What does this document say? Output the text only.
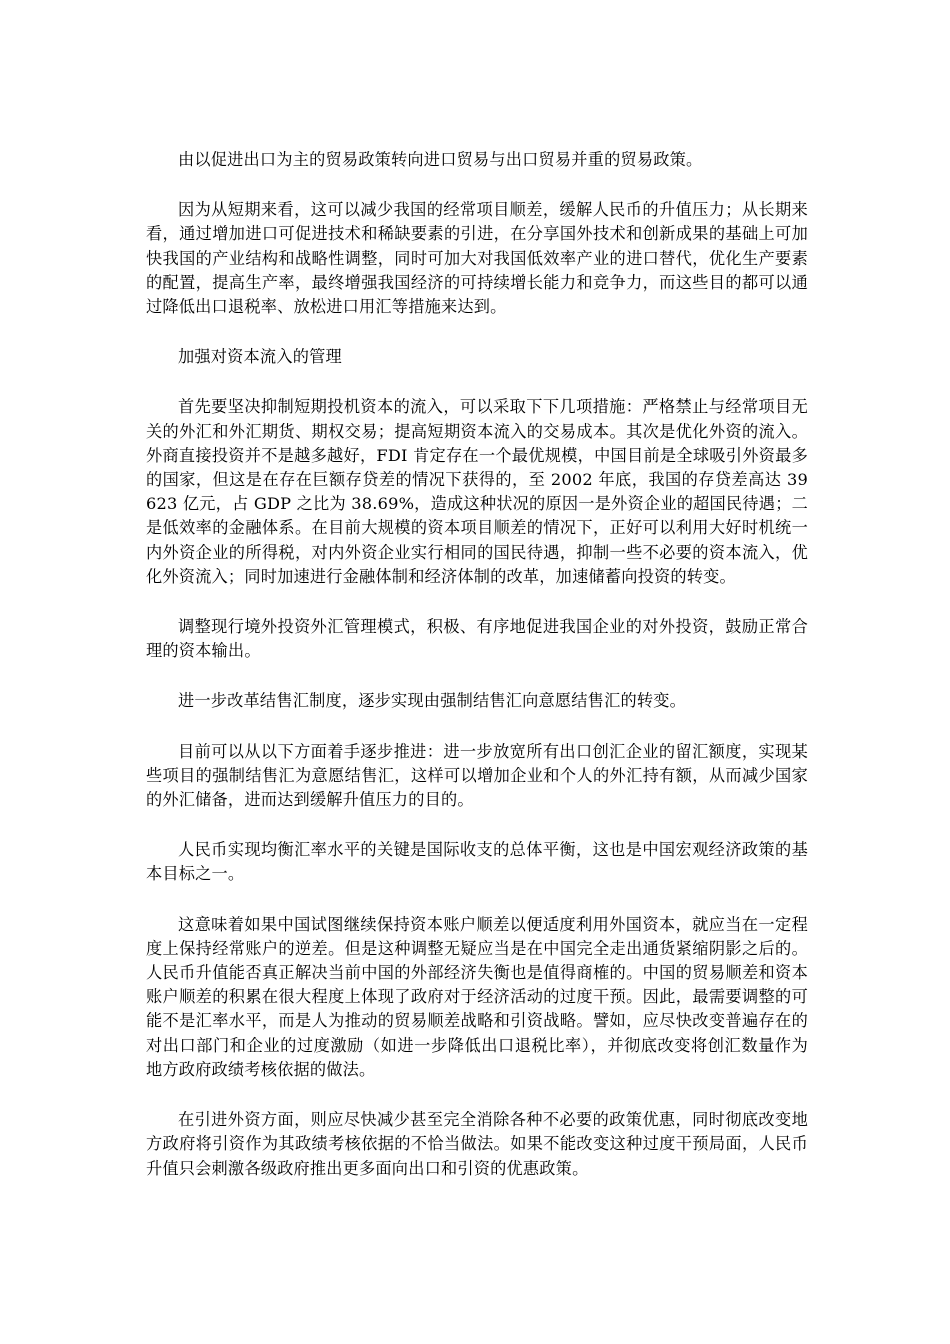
由以促进出口为主的贸易政策转向进口贸易与出口贸易并重的贸易政策。

因为从短期来看，这可以减少我国的经常项目顺差，缓解人民币的升值压力；从长期来看，通过增加进口可促进技术和稀缺要素的引进，在分享国外技术和创新成果的基础上可加快我国的产业结构和战略性调整，同时可加大对我国低效率产业的进口替代，优化生产要素的配置，提高生产率，最终增强我国经济的可持续增长能力和竞争力，而这些目的都可以通过降低出口退税率、放松进口用汇等措施来达到。

加强对资本流入的管理

首先要坚决抑制短期投机资本的流入，可以采取下下几项措施：严格禁止与经常项目无关的外汇和外汇期货、期权交易；提高短期资本流入的交易成本。其次是优化外资的流入。外商直接投资并不是越多越好，FDI 肯定存在一个最优规模，中国目前是全球吸引外资最多的国家，但这是在存在巨额存贷差的情况下获得的，至 2002 年底，我国的存贷差高达 39623 亿元，占 GDP 之比为 38.69%，造成这种状况的原因一是外资企业的超国民待遇；二是低效率的金融体系。在目前大规模的资本项目顺差的情况下，正好可以利用大好时机统一内外资企业的所得税，对内外资企业实行相同的国民待遇，抑制一些不必要的资本流入，优化外资流入；同时加速进行金融体制和经济体制的改革，加速储蓄向投资的转变。

调整现行境外投资外汇管理模式，积极、有序地促进我国企业的对外投资，鼓励正常合理的资本输出。

进一步改革结售汇制度，逐步实现由强制结售汇向意愿结售汇的转变。

目前可以从以下方面着手逐步推进：进一步放宽所有出口创汇企业的留汇额度，实现某些项目的强制结售汇为意愿结售汇，这样可以增加企业和个人的外汇持有额，从而减少国家的外汇储备，进而达到缓解升值压力的目的。

人民币实现均衡汇率水平的关键是国际收支的总体平衡，这也是中国宏观经济政策的基本目标之一。

这意味着如果中国试图继续保持资本账户顺差以便适度利用外国资本，就应当在一定程度上保持经常账户的逆差。但是这种调整无疑应当是在中国完全走出通货紧缩阴影之后的。人民币升值能否真正解决当前中国的外部经济失衡也是值得商榷的。中国的贸易顺差和资本账户顺差的积累在很大程度上体现了政府对于经济活动的过度干预。因此，最需要调整的可能不是汇率水平，而是人为推动的贸易顺差战略和引资战略。譬如，应尽快改变普遍存在的对出口部门和企业的过度激励（如进一步降低出口退税比率），并彻底改变将创汇数量作为地方政府政绩考核依据的做法。

在引进外资方面，则应尽快减少甚至完全消除各种不必要的政策优惠，同时彻底改变地方政府将引资作为其政绩考核依据的不恰当做法。如果不能改变这种过度干预局面，人民币升值只会刺激各级政府推出更多面向出口和引资的优惠政策。
